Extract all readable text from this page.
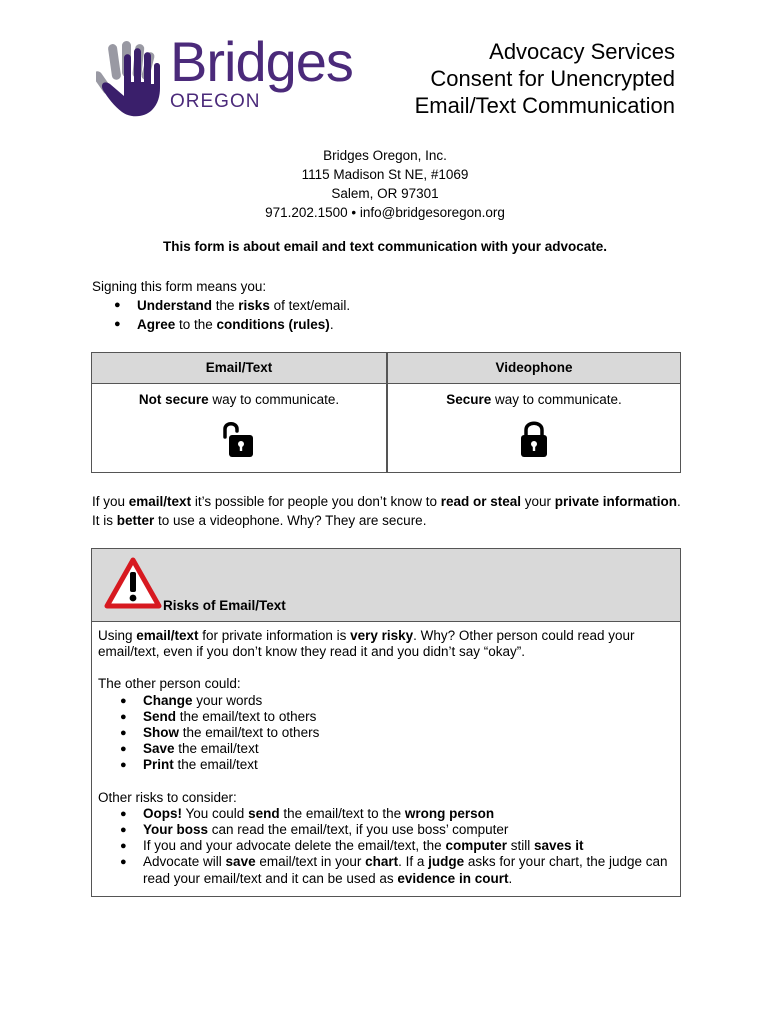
Bridges
OREGON
Advocacy Services
Consent for Unencrypted
Email/Text Communication
Bridges Oregon, Inc.
1115 Madison St NE, #1069
Salem, OR 97301
971.202.1500 • info@bridgesoregon.org
This form is about email and text communication with your advocate.
Signing this form means you:
● Understand the risks of text/email.
● Agree to the conditions (rules).
Email/Text	Videophone
Not secure way to communicate.	Secure way to communicate.
If you email/text it’s possible for people you don’t know to read or steal your private information. It is better to use a videophone. Why? They are secure.
Risks of Email/Text

Using email/text for private information is very risky. Why? Other person could read your email/text, even if you don’t know they read it and you didn’t say “okay”.

The other person could:

● Change your words
● Send the email/text to others
● Show the email/text to others
● Save the email/text
● Print the email/text

Other risks to consider:

● Oops! You could send the email/text to the wrong person
● Your boss can read the email/text, if you use boss’ computer
● If you and your advocate delete the email/text, the computer still saves it
● Advocate will save email/text in your chart. If a judge asks for your chart, the judge can read your email/text and it can be used as evidence in court.
